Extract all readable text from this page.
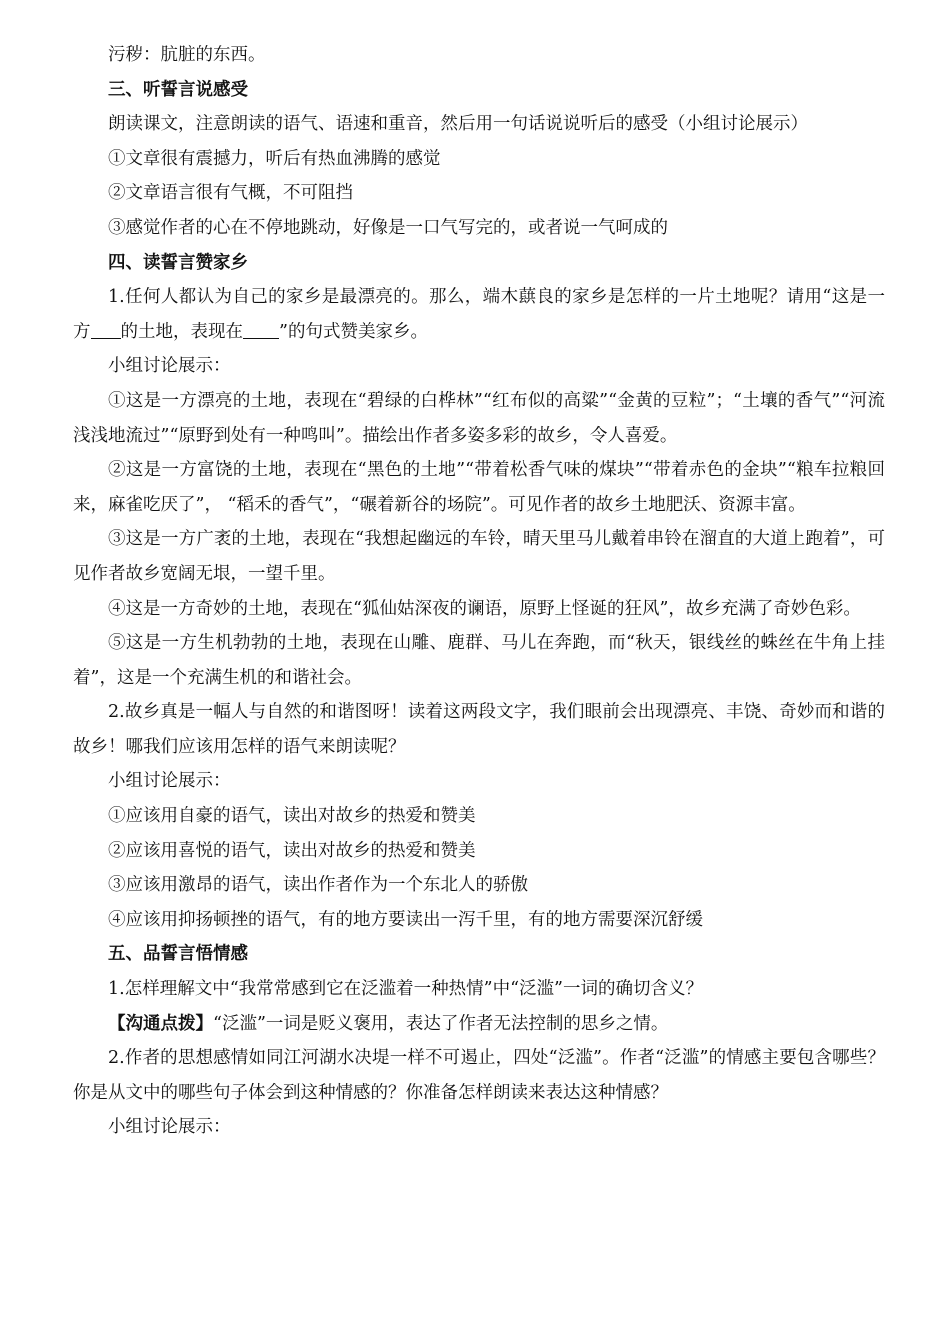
污秽：肮脏的东西。

三、听誓言说感受

朗读课文，注意朗读的语气、语速和重音，然后用一句话说说听后的感受（小组讨论展示）

①文章很有震撼力，听后有热血沸腾的感觉

②文章语言很有气概，不可阻挡

③感觉作者的心在不停地跳动，好像是一口气写完的，或者说一气呵成的

四、读誓言赞家乡

1.任何人都认为自己的家乡是最漂亮的。那么，端木蕻良的家乡是怎样的一片土地呢？请用“这是一方 的土地，表现在 ”的句式赞美家乡。

小组讨论展示：

①这是一方漂亮的土地，表现在“碧绿的白桦林”“红布似的高粱”“金黄的豆粒”；“土壤的香气”“河流浅浅地流过”“原野到处有一种鸣叫”。描绘出作者多姿多彩的故乡，令人喜爱。

②这是一方富饶的土地，表现在“黑色的土地”“带着松香气味的煤块”“带着赤色的金块”“粮车拉粮回来，麻雀吃厌了”， “稻禾的香气”，“碾着新谷的场院”。可见作者的故乡土地肥沃、资源丰富。

③这是一方广袤的土地，表现在“我想起幽远的车铃，晴天里马儿戴着串铃在溜直的大道上跑着”，可见作者故乡宽阔无垠，一望千里。

④这是一方奇妙的土地，表现在“狐仙姑深夜的谰语，原野上怪诞的狂风”，故乡充满了奇妙色彩。

⑤这是一方生机勃勃的土地，表现在山雕、鹿群、马儿在奔跑，而“秋天，银线丝的蛛丝在牛角上挂着”，这是一个充满生机的和谐社会。

2.故乡真是一幅人与自然的和谐图呀！读着这两段文字，我们眼前会出现漂亮、丰饶、奇妙而和谐的故乡！哪我们应该用怎样的语气来朗读呢？

小组讨论展示：

①应该用自豪的语气，读出对故乡的热爱和赞美

②应该用喜悦的语气，读出对故乡的热爱和赞美

③应该用激昂的语气，读出作者作为一个东北人的骄傲

④应该用抑扬顿挫的语气，有的地方要读出一泻千里，有的地方需要深沉舒缓

五、品誓言悟情感

1.怎样理解文中“我常常感到它在泛滥着一种热情”中“泛滥”一词的确切含义？

【沟通点拨】“泛滥”一词是贬义褒用，表达了作者无法控制的思乡之情。

2.作者的思想感情如同江河湖水决堤一样不可遏止，四处“泛滥”。作者“泛滥”的情感主要包含哪些？你是从文中的哪些句子体会到这种情感的？你准备怎样朗读来表达这种情感？

小组讨论展示：
